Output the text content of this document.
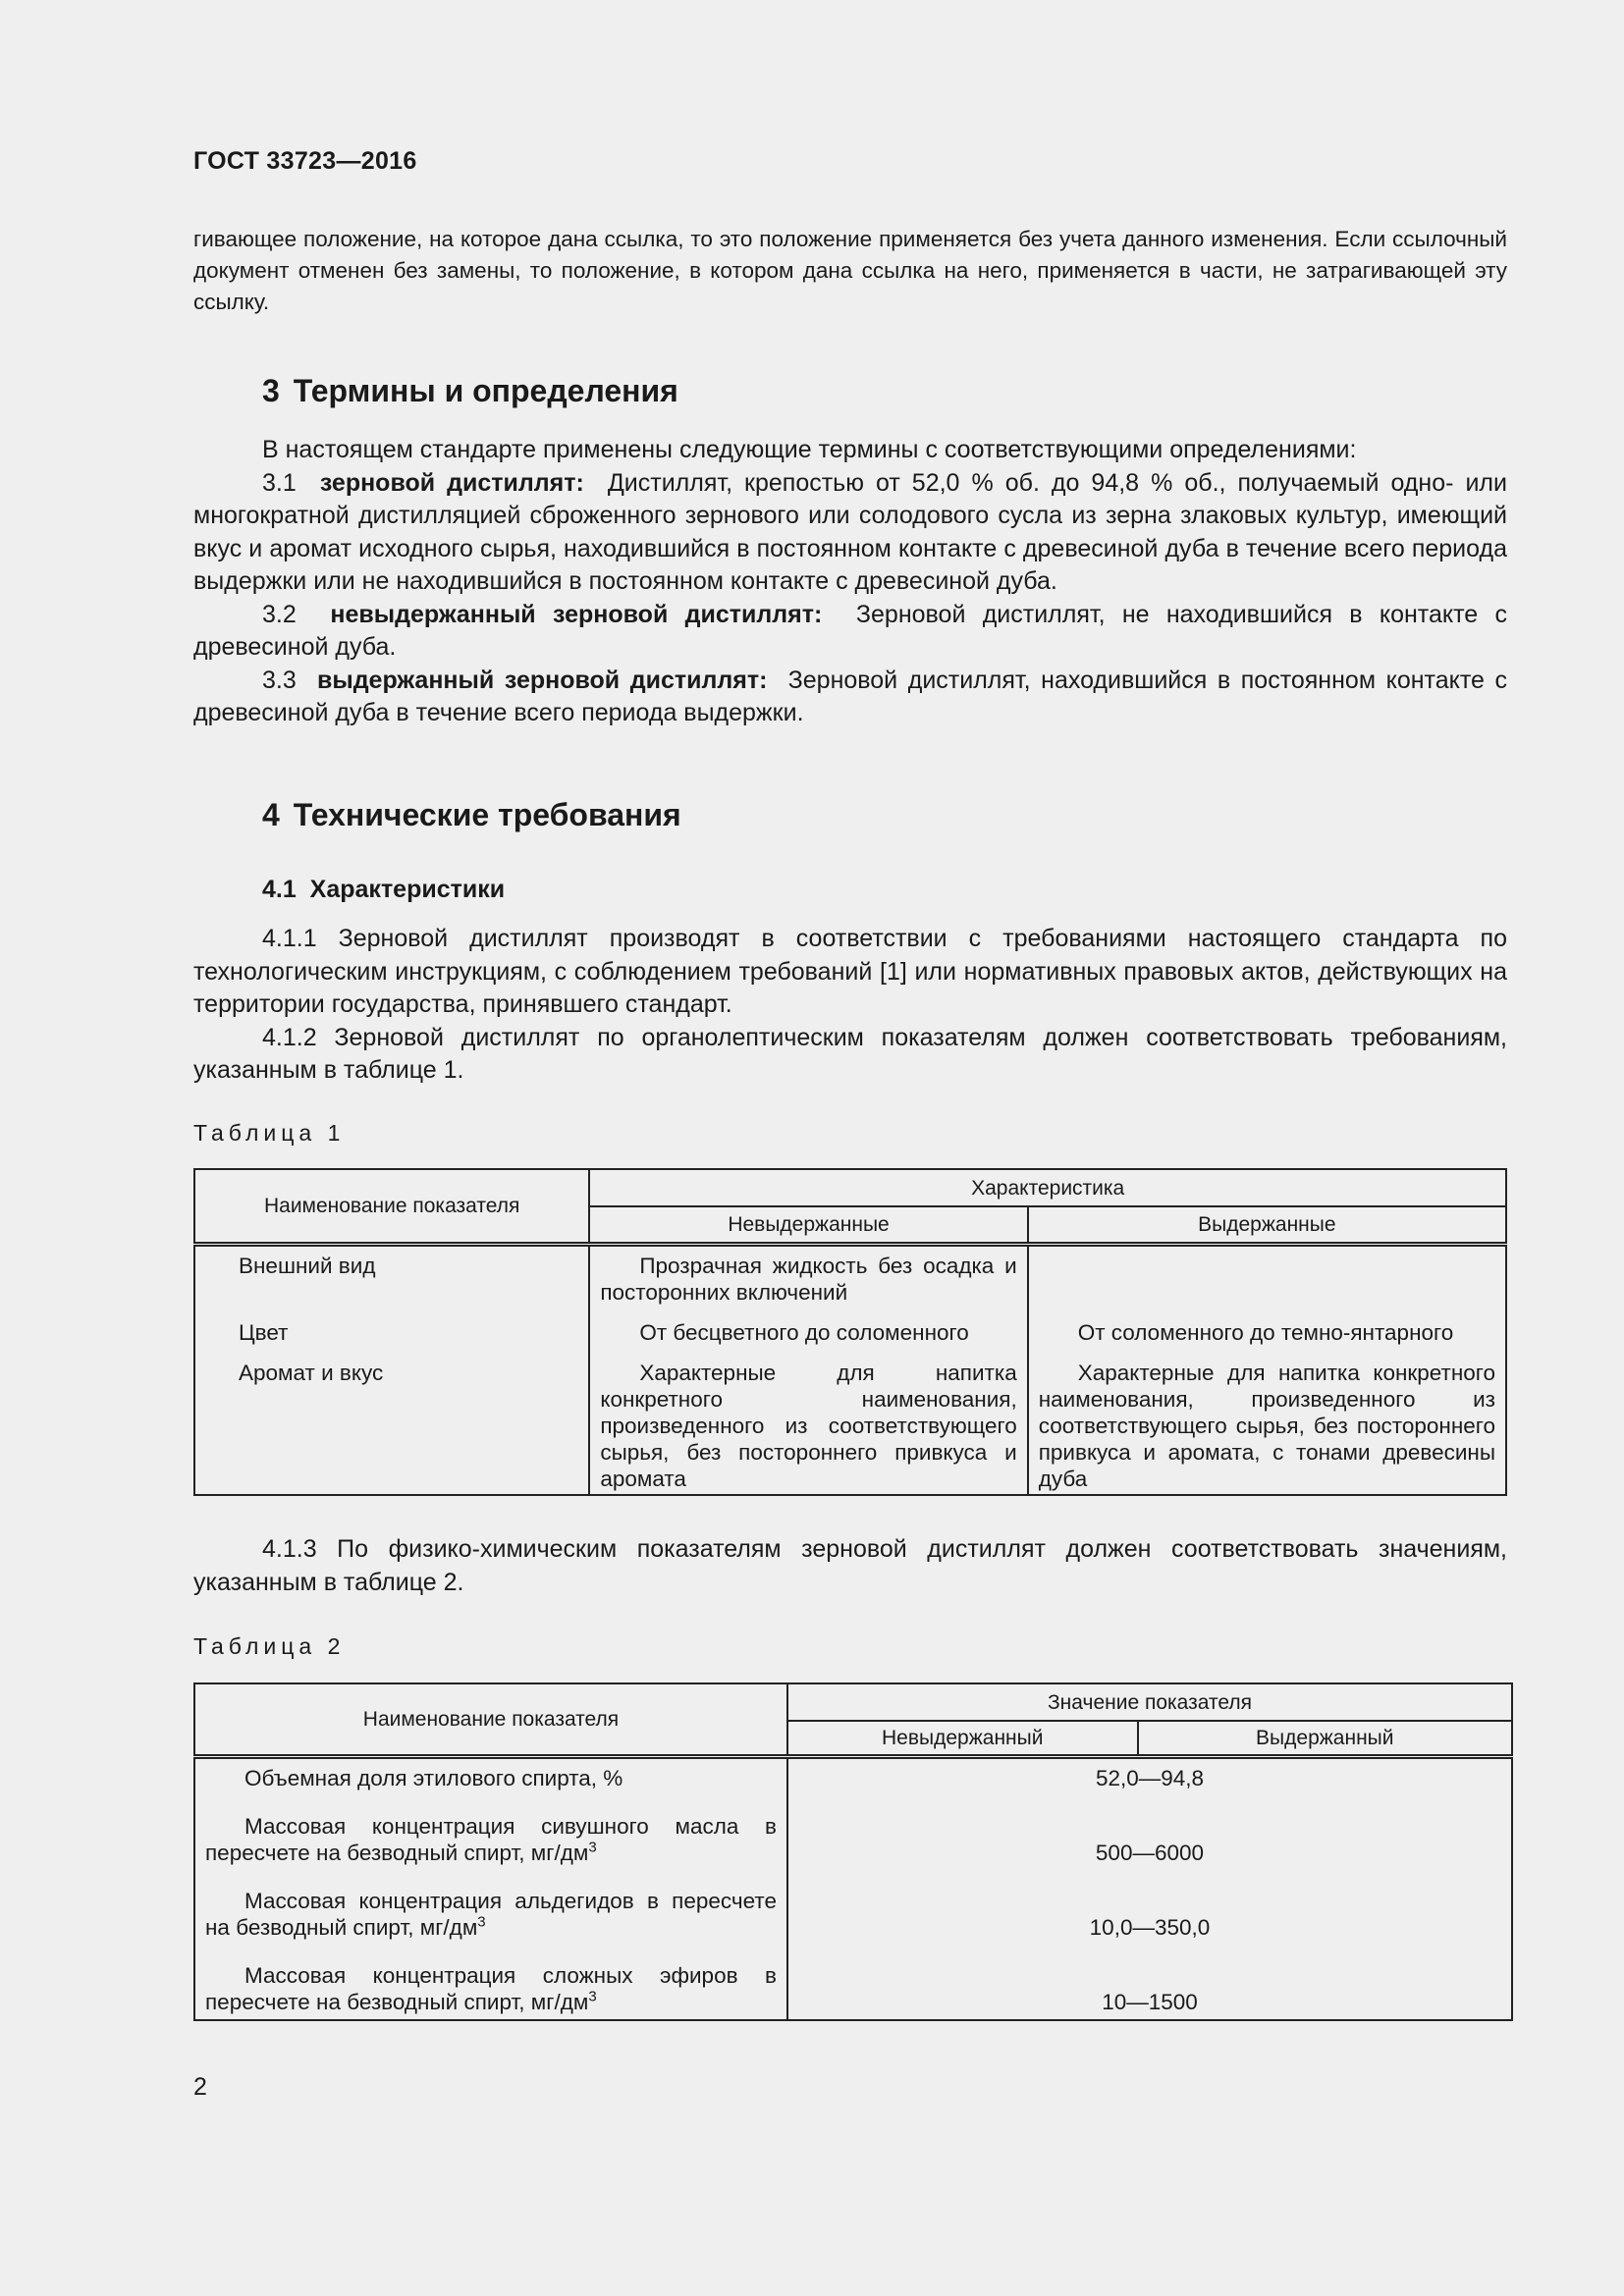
ГОСТ 33723—2016
гивающее положение, на которое дана ссылка, то это положение применяется без учета данного изменения. Если ссылочный документ отменен без замены, то положение, в котором дана ссылка на него, применяется в части, не затрагивающей эту ссылку.
3 Термины и определения

В настоящем стандарте применены следующие термины с соответствующими определениями:

3.1 зерновой дистиллят: Дистиллят, крепостью от 52,0 % об. до 94,8 % об., получаемый одно- или многократной дистилляцией сброженного зернового или солодового сусла из зерна злаковых культур, имеющий вкус и аромат исходного сырья, находившийся в постоянном контакте с древесиной дуба в течение всего периода выдержки или не находившийся в постоянном контакте с древесиной дуба.

3.2 невыдержанный зерновой дистиллят: Зерновой дистиллят, не находившийся в контакте с древесиной дуба.

3.3 выдержанный зерновой дистиллят: Зерновой дистиллят, находившийся в постоянном контакте с древесиной дуба в течение всего периода выдержки.

4 Технические требования
4.1 Характеристики

4.1.1 Зерновой дистиллят производят в соответствии с требованиями настоящего стандарта по технологическим инструкциям, с соблюдением требований [1] или нормативных правовых актов, действующих на территории государства, принявшего стандарт.

4.1.2 Зерновой дистиллят по органолептическим показателям должен соответствовать требованиям, указанным в таблице 1.

Таблица 1
Наименование показателя	Характеристика	
	Невыдержанные	Выдержанные
Внешний вид	Прозрачная жидкость без осадка и посторонних включений	

Цвет	От бесцветного до соломенного	От соломенного до темно-янтарного

Аромат и вкус	Характерные для напитка конкретного наименования, произведенного из соответствующего сырья, без постороннего привкуса и аромата	Характерные для напитка конкретного наименования, произведенного из соответствующего сырья, без постороннего привкуса и аромата, с тонами древесины дуба

4.1.3 По физико-химическим показателям зерновой дистиллят должен соответствовать значениям, указанным в таблице 2.

Таблица 2
Наименование показателя	Значение показателя	
	Невыдержанный	Выдержанный

Объемная доля этилового спирта, %	52,0—94,8	

Массовая концентрация сивушного масла в пересчете на безводный спирт, $мг/дм^3$	500—6000	

Массовая концентрация альдегидов в пересчете на безводный спирт, $мг/дм^3$	10,0—350,0	

Массовая концентрация сложных эфиров в пересчете на безводный спирт, $мг/дм^3$	10—1500	
2
